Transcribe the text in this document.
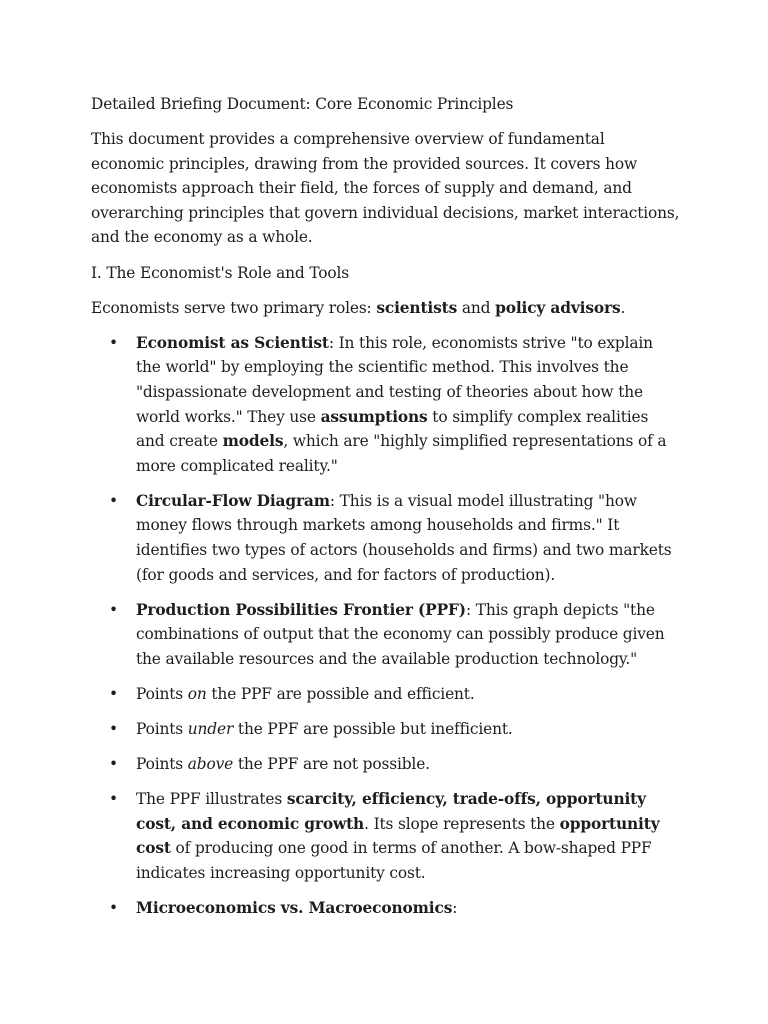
Detailed Briefing Document: Core Economic Principles

This document provides a comprehensive overview of fundamental economic principles, drawing from the provided sources. It covers how economists approach their field, the forces of supply and demand, and overarching principles that govern individual decisions, market interactions, and the economy as a whole.

I. The Economist's Role and Tools

Economists serve two primary roles: scientists and policy advisors.

• Economist as Scientist: In this role, economists strive "to explain the world" by employing the scientific method. This involves the "dispassionate development and testing of theories about how the world works." They use assumptions to simplify complex realities and create models, which are "highly simplified representations of a more complicated reality."
• Circular-Flow Diagram: This is a visual model illustrating "how money flows through markets among households and firms." It identifies two types of actors (households and firms) and two markets (for goods and services, and for factors of production).
• Production Possibilities Frontier (PPF): This graph depicts "the combinations of output that the economy can possibly produce given the available resources and the available production technology."
• Points on the PPF are possible and efficient.
• Points under the PPF are possible but inefficient.
• Points above the PPF are not possible.
• The PPF illustrates scarcity, efficiency, trade-offs, opportunity cost, and economic growth. Its slope represents the opportunity cost of producing one good in terms of another. A bow-shaped PPF indicates increasing opportunity cost.
• Microeconomics vs. Macroeconomics:
